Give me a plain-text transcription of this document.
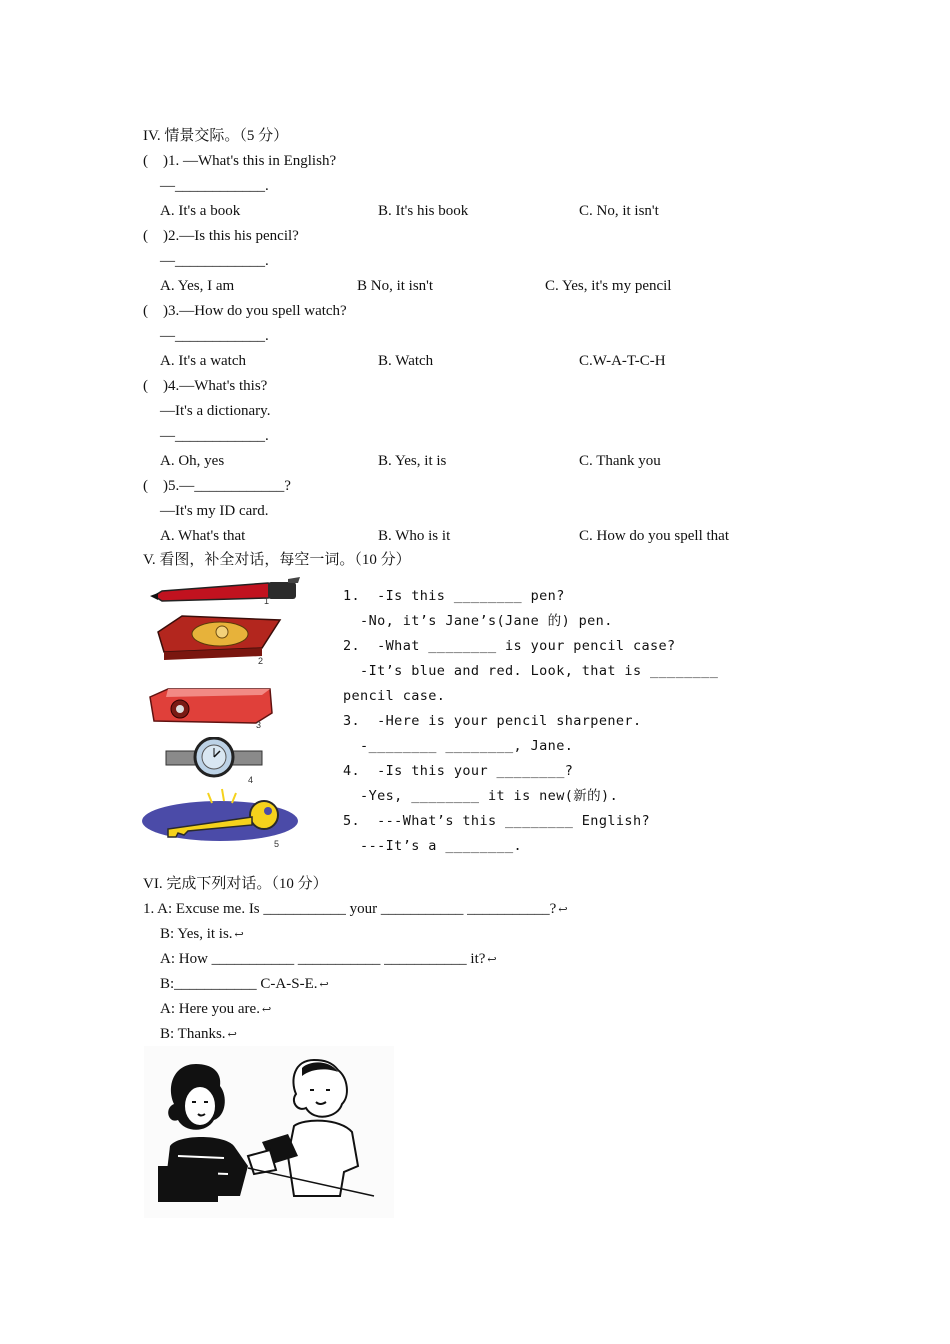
IV. 情景交际。（5 分）
(    )1. —What's this in English?
—____________.
A. It's a book	B. It's his book	C. No, it isn't
(    )2.—Is this his pencil?
—____________.
A. Yes, I am	B No, it isn't	C. Yes, it's my pencil
(    )3.—How do you spell watch?
—____________.
A. It's a watch	B. Watch	C.W-A-T-C-H
(    )4.—What's this?
—It's a dictionary.
—____________.
A. Oh, yes	B. Yes, it is	C. Thank you
(    )5.—____________?
—It's my ID card.
A. What's that	B. Who is it	C. How do you spell that
V. 看图，补全对话，每空一词。（10 分）
1
2
3
4
5
1.  -Is this ________ pen?
-No, it’s Jane’s(Jane 的) pen.
2.  -What ________ is your pencil case?
-It’s blue and red. Look, that is ________
pencil case.
3.  -Here is your pencil sharpener.
-________ ________, Jane.
4.  -Is this your ________?
-Yes, ________ it is new(新的).
5.  ---What’s this ________ English?
---It’s a ________.
VI. 完成下列对话。（10 分）
1. A: Excuse me. Is ___________ your ___________ ___________? ↩
B: Yes, it is. ↩
A: How ___________ ___________ ___________ it? ↩
B:___________ C-A-S-E. ↩
A: Here you are. ↩
B: Thanks. ↩
